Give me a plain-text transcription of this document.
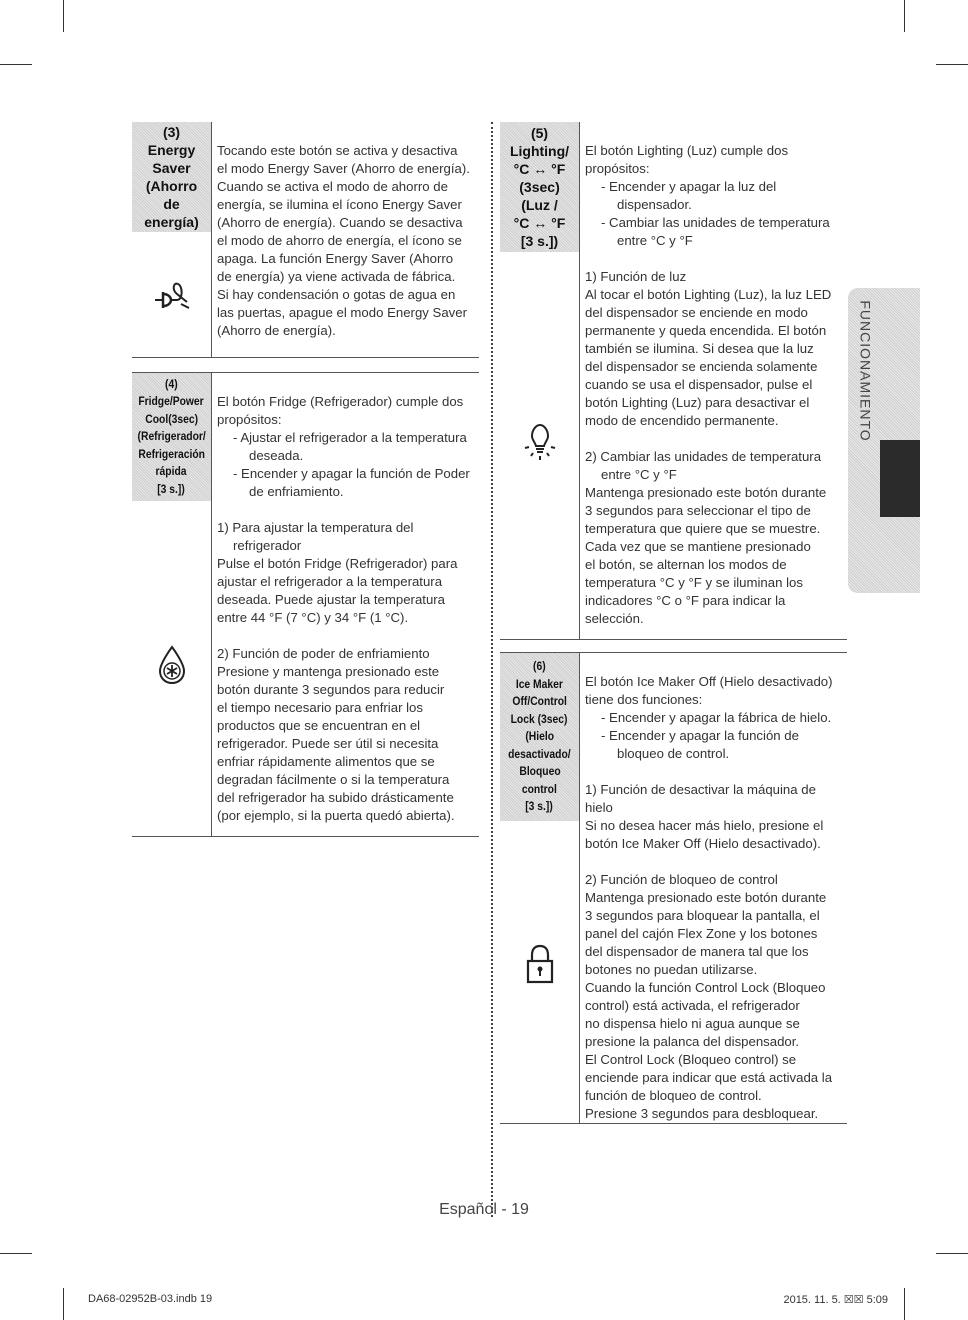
(3)
Energy
Saver
(Ahorro
de
energía)
Tocando este botón se activa y desactiva
el modo Energy Saver (Ahorro de energía).
Cuando se activa el modo de ahorro de
energía, se ilumina el ícono Energy Saver
(Ahorro de energía). Cuando se desactiva
el modo de ahorro de energía, el ícono se
apaga. La función Energy Saver (Ahorro
de energía) ya viene activada de fábrica.
Si hay condensación o gotas de agua en
las puertas, apague el modo Energy Saver
(Ahorro de energía).
(4)
Fridge/Power
Cool(3sec)
(Refrigerador/
Refrigeración
rápida
[3 s.])
El botón Fridge (Refrigerador) cumple dos
propósitos:
- Ajustar el refrigerador a la temperatura
deseada.
- Encender y apagar la función de Poder
de enfriamiento.
1) Para ajustar la temperatura del
refrigerador
Pulse el botón Fridge (Refrigerador) para
ajustar el refrigerador a la temperatura
deseada. Puede ajustar la temperatura
entre 44 °F (7 °C) y 34 °F (1 °C).
2) Función de poder de enfriamiento
Presione y mantenga presionado este
botón durante 3 segundos para reducir
el tiempo necesario para enfriar los
productos que se encuentran en el
refrigerador. Puede ser útil si necesita
enfriar rápidamente alimentos que se
degradan fácilmente o si la temperatura
del refrigerador ha subido drásticamente
(por ejemplo, si la puerta quedó abierta).
(5)
Lighting/
°C ↔ °F
(3sec)
(Luz /
°C ↔ °F
[3 s.])
El botón Lighting (Luz) cumple dos
propósitos:
- Encender y apagar la luz del
dispensador.
- Cambiar las unidades de temperatura
entre °C y °F
1) Función de luz
Al tocar el botón Lighting (Luz), la luz LED
del dispensador se enciende en modo
permanente y queda encendida. El botón
también se ilumina. Si desea que la luz
del dispensador se encienda solamente
cuando se usa el dispensador, pulse el
botón Lighting (Luz) para desactivar el
modo de encendido permanente.
2) Cambiar las unidades de temperatura
entre °C y °F
Mantenga presionado este botón durante
3 segundos para seleccionar el tipo de
temperatura que quiere que se muestre.
Cada vez que se mantiene presionado
el botón, se alternan los modos de
temperatura °C y °F y se iluminan los
indicadores °C o °F para indicar la
selección.
(6)
Ice Maker
Off/Control
Lock (3sec)
(Hielo
desactivado/
Bloqueo
control
[3 s.])
El botón Ice Maker Off (Hielo desactivado)
tiene dos funciones:
- Encender y apagar la fábrica de hielo.
- Encender y apagar la función de
bloqueo de control.
1) Función de desactivar la máquina de hielo
Si no desea hacer más hielo, presione el
botón Ice Maker Off (Hielo desactivado).
2) Función de bloqueo de control
Mantenga presionado este botón durante
3 segundos para bloquear la pantalla, el
panel del cajón Flex Zone y los botones
del dispensador de manera tal que los
botones no puedan utilizarse.
Cuando la función Control Lock (Bloqueo
control) está activada, el refrigerador
no dispensa hielo ni agua aunque se
presione la palanca del dispensador.
El Control Lock (Bloqueo control) se
enciende para indicar que está activada la
función de bloqueo de control.
Presione 3 segundos para desbloquear.
FUNCIONAMIENTO
Español - 19
DA68-02952B-03.indb 19	2015. 11. 5. ☒☒ 5:09
